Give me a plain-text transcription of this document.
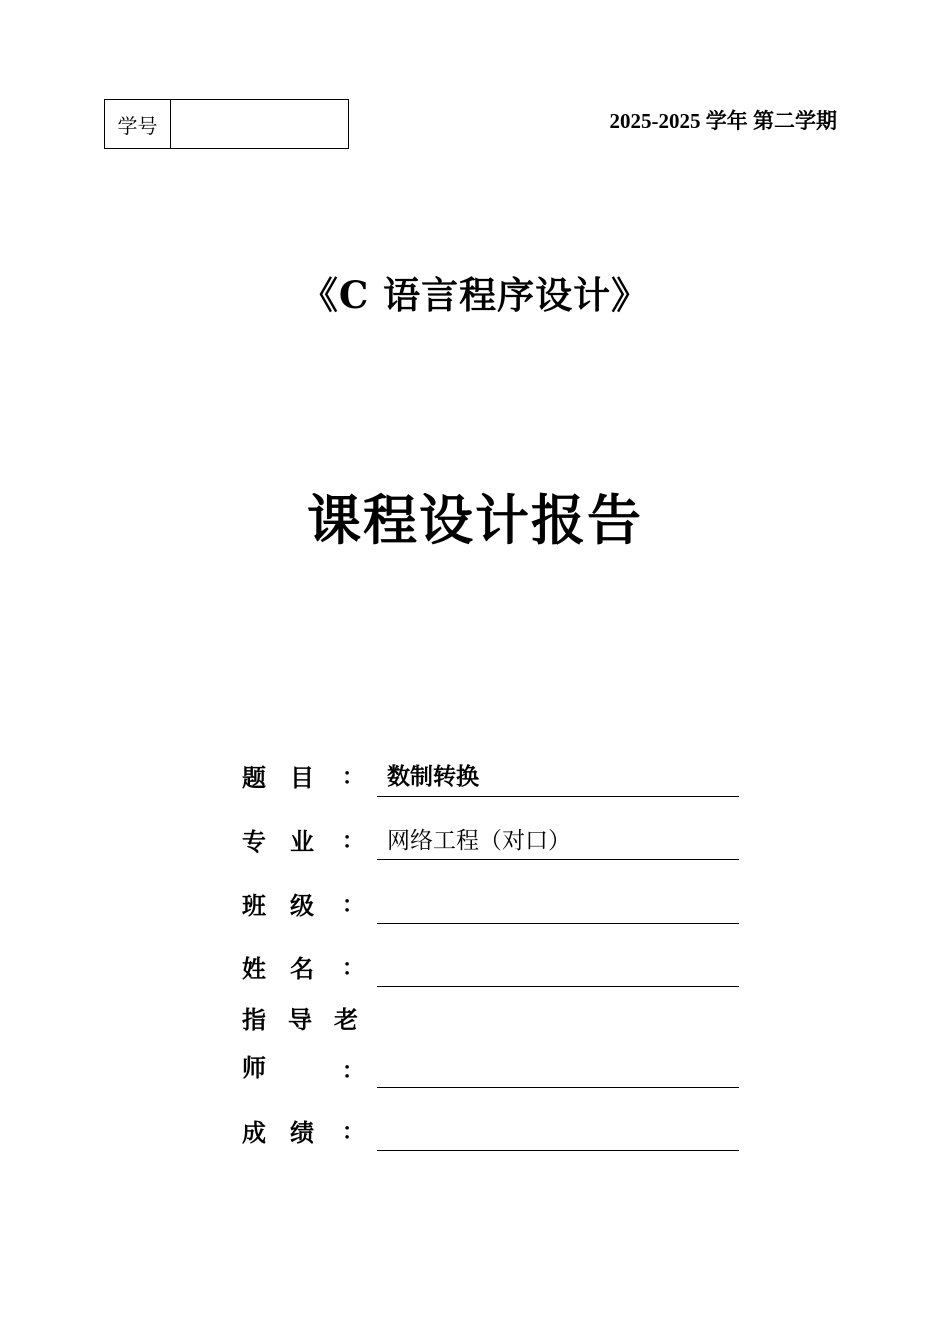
学号	2025-2025 学年 第二学期
《C 语言程序设计》
课程设计报告
题目 ： 数制转换
专业 ： 网络工程（对口）
班级 ：
姓名 ：
指导老
师 ：
成绩 ：
